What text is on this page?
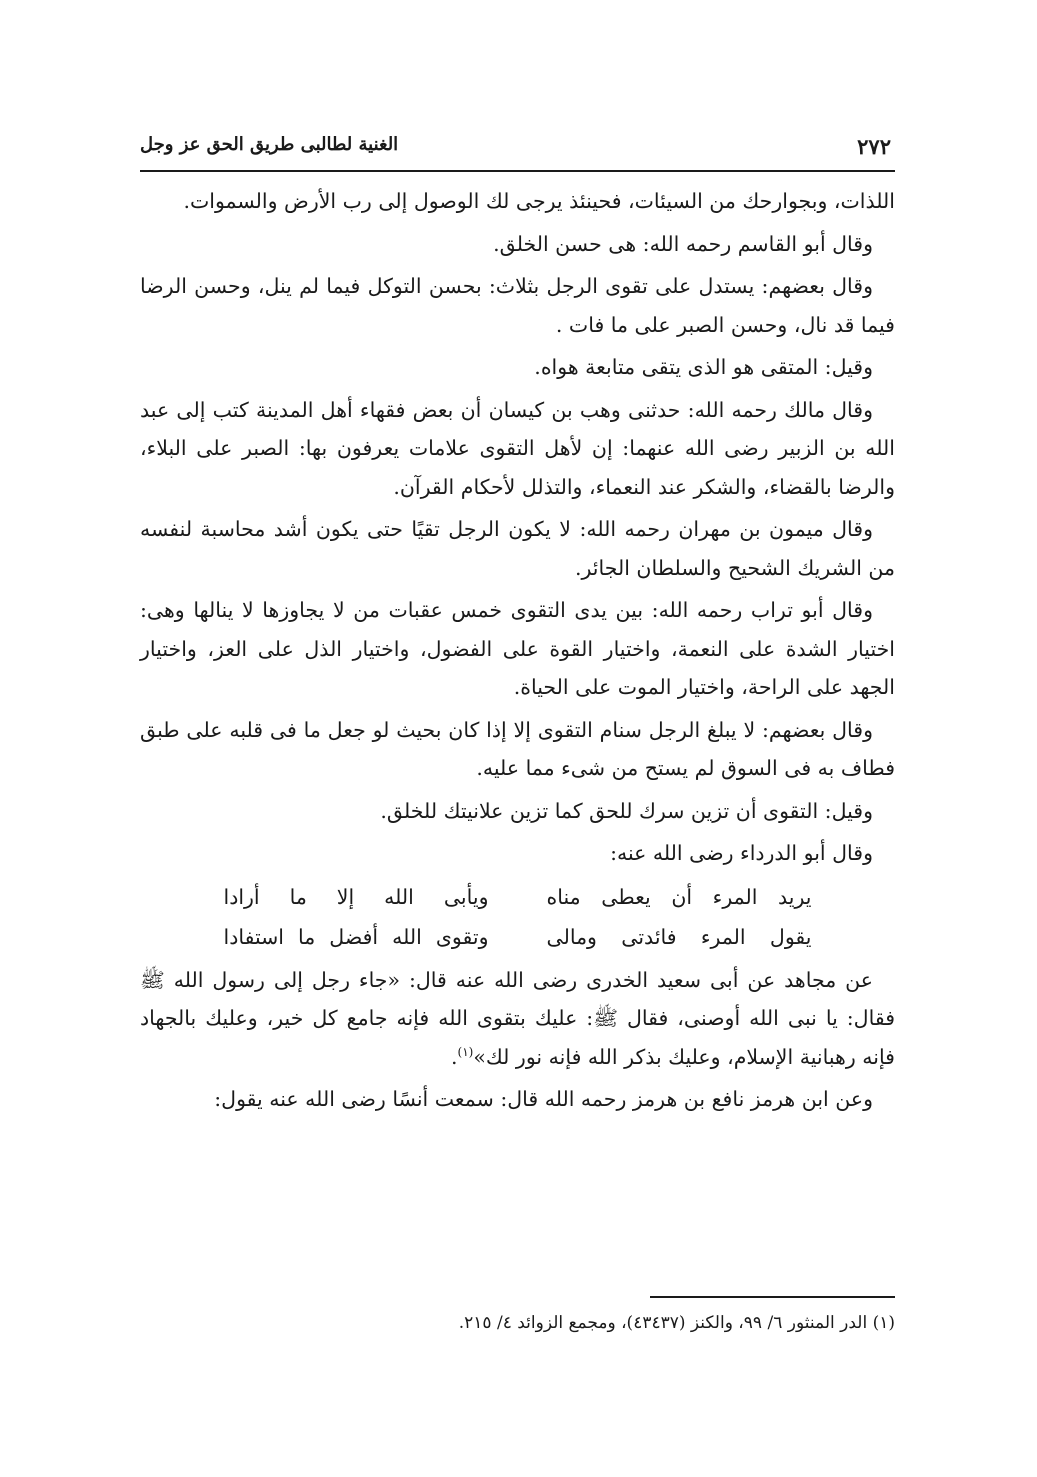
٢٧٢
الغنية لطالبى طريق الحق عز وجل

اللذات، وبجوارحك من السيئات، فحينئذ يرجى لك الوصول إلى رب الأرض والسموات.

وقال أبو القاسم رحمه الله: هى حسن الخلق.

وقال بعضهم: يستدل على تقوى الرجل بثلاث: بحسن التوكل فيما لم ينل، وحسن الرضا فيما قد نال، وحسن الصبر على ما فات .

وقيل: المتقى هو الذى يتقى متابعة هواه.

وقال مالك رحمه الله: حدثنى وهب بن كيسان أن بعض فقهاء أهل المدينة كتب إلى عبد الله بن الزبير رضى الله عنهما: إن لأهل التقوى علامات يعرفون بها: الصبر على البلاء، والرضا بالقضاء، والشكر عند النعماء، والتذلل لأحكام القرآن.

وقال ميمون بن مهران رحمه الله: لا يكون الرجل تقيًا حتى يكون أشد محاسبة لنفسه من الشريك الشحيح والسلطان الجائر.

وقال أبو تراب رحمه الله: بين يدى التقوى خمس عقبات من لا يجاوزها لا ينالها وهى: اختيار الشدة على النعمة، واختيار القوة على الفضول، واختيار الذل على العز، واختيار الجهد على الراحة، واختيار الموت على الحياة.

وقال بعضهم: لا يبلغ الرجل سنام التقوى إلا إذا كان بحيث لو جعل ما فى قلبه على طبق فطاف به فى السوق لم يستح من شىء مما عليه.

وقيل: التقوى أن تزين سرك للحق كما تزين علانيتك للخلق.

وقال أبو الدرداء رضى الله عنه:

يريد المرء أن يعطى مناه
ويأبى الله إلا ما أرادا
يقول المرء فائدتى ومالى
وتقوى الله أفضل ما استفادا

عن مجاهد عن أبى سعيد الخدرى رضى الله عنه قال: «جاء رجل إلى رسول الله ﷺ فقال: يا نبى الله أوصنى، فقال ﷺ: عليك بتقوى الله فإنه جامع كل خير، وعليك بالجهاد فإنه رهبانية الإسلام، وعليك بذكر الله فإنه نور لك»$^{(١)}$.

وعن ابن هرمز نافع بن هرمز رحمه الله قال: سمعت أنسًا رضى الله عنه يقول:

(١) الدر المنثور ٦/ ٩٩، والكنز (٤٣٤٣٧)، ومجمع الزوائد ٤/ ٢١٥.
